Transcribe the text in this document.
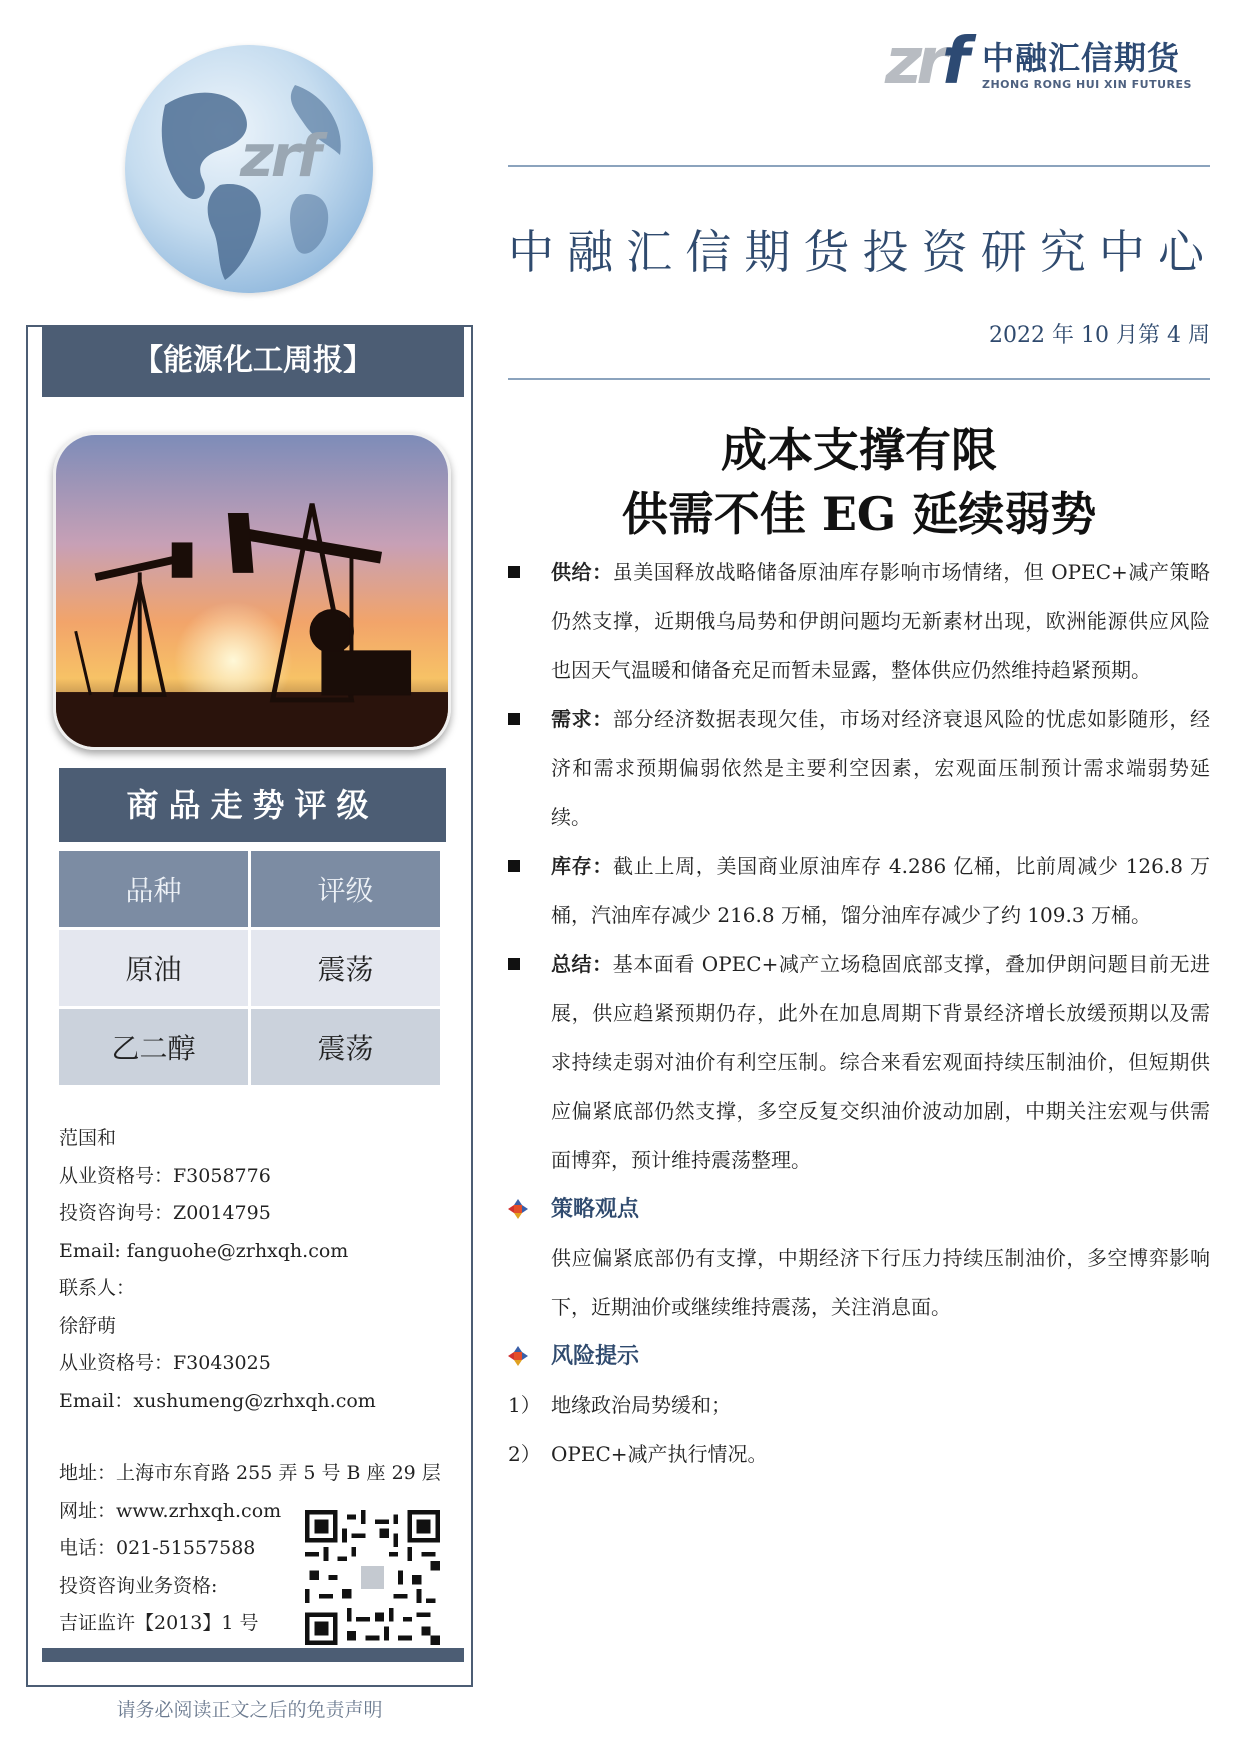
zrf
zrf 中融汇信期货
ZHONG RONG HUI XIN FUTURES
中融汇信期货投资研究中心
2022 年 10 月第 4 周
【能源化工周报】
商品走势评级
品种	评级
原油	震荡
乙二醇	震荡
范国和
从业资格号：F3058776
投资咨询号：Z0014795
Email: fanguohe@zrhxqh.com
联系人：
徐舒萌
从业资格号：F3043025
Email：xushumeng@zrhxqh.com
地址：上海市东育路 255 弄 5 号 B 座 29 层
网址：www.zrhxqh.com
电话：021-51557588
投资咨询业务资格:
吉证监许【2013】1 号
请务必阅读正文之后的免责声明
成本支撑有限
供需不佳 EG 延续弱势
供给：虽美国释放战略储备原油库存影响市场情绪，但 OPEC+减产策略仍然支撑，近期俄乌局势和伊朗问题均无新素材出现，欧洲能源供应风险也因天气温暖和储备充足而暂未显露，整体供应仍然维持趋紧预期。
需求：部分经济数据表现欠佳，市场对经济衰退风险的忧虑如影随形，经济和需求预期偏弱依然是主要利空因素，宏观面压制预计需求端弱势延续。
库存：截止上周，美国商业原油库存 4.286 亿桶，比前周减少 126.8 万桶，汽油库存减少 216.8 万桶，馏分油库存减少了约 109.3 万桶。
总结：基本面看 OPEC+减产立场稳固底部支撑，叠加伊朗问题目前无进展，供应趋紧预期仍存，此外在加息周期下背景经济增长放缓预期以及需求持续走弱对油价有利空压制。综合来看宏观面持续压制油价，但短期供应偏紧底部仍然支撑，多空反复交织油价波动加剧，中期关注宏观与供需面博弈，预计维持震荡整理。
策略观点
供应偏紧底部仍有支撑，中期经济下行压力持续压制油价，多空博弈影响下，近期油价或继续维持震荡，关注消息面。
风险提示
1） 地缘政治局势缓和；
2） OPEC+减产执行情况。
